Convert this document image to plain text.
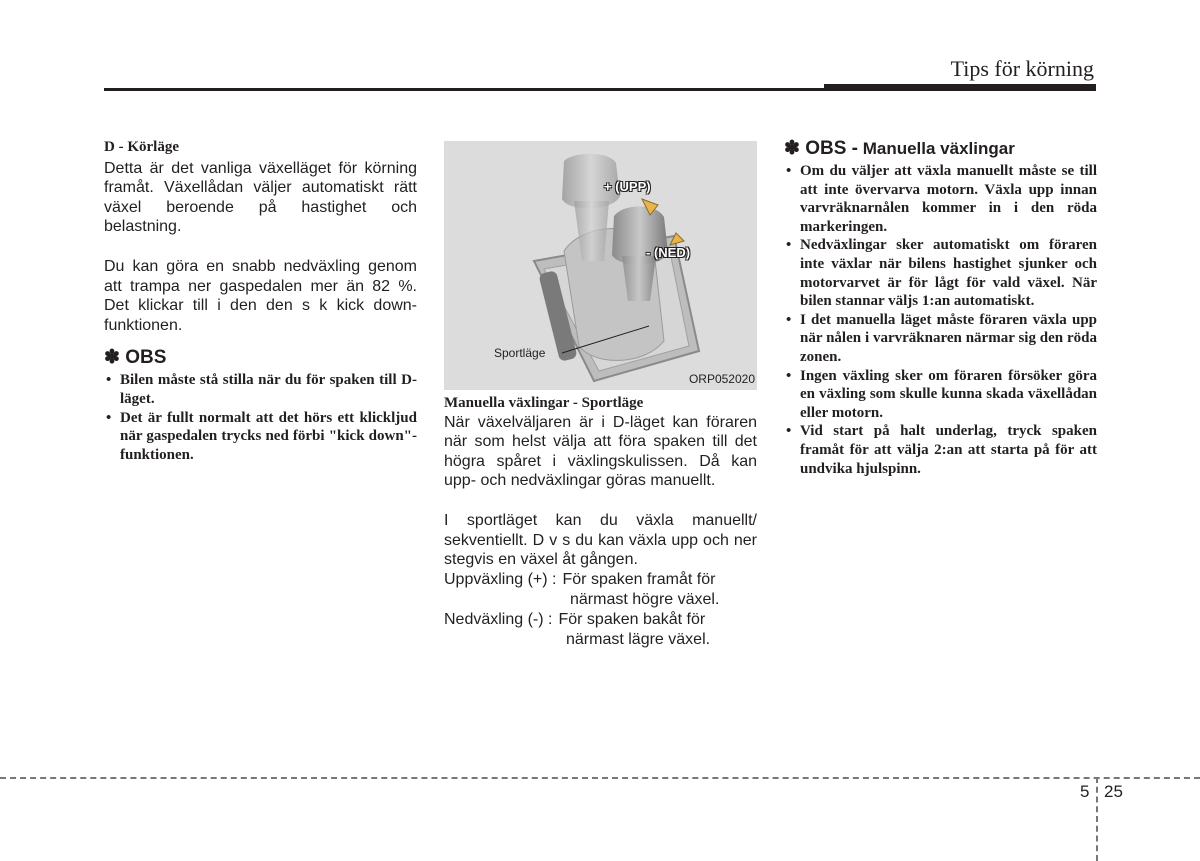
Tips för körning
D - Körläge

Detta är det vanliga växelläget för körning framåt. Växellådan väljer automatiskt rätt växel beroende på hastighet och belastning.

Du kan göra en snabb nedväxling genom att trampa ner gaspedalen mer än 82 %. Det klickar till i den den s k kick down-funktionen.

✽ OBS
• Bilen måste stå stilla när du för spaken till D-läget.
• Det är fullt normalt att det hörs ett klickljud när gaspedalen trycks ned förbi "kick down"-funktionen.
+ (UPP)
- (NED)
Sportläge
ORP052020
Manuella växlingar - Sportläge

När växelväljaren är i D-läget kan föraren när som helst välja att föra spaken till det högra spåret i växlingskulissen. Då kan upp- och nedväxlingar göras manuellt.

I sportläget kan du växla manuellt/ sekventiellt. D v s du kan växla upp och ner stegvis en växel åt gången.

Uppväxling (+) : För spaken framåt för
närmast högre växel.
Nedväxling (-) : För spaken bakåt för
närmast lägre växel.
✽ OBS - Manuella växlingar
• Om du väljer att växla manuellt måste se till att inte övervarva motorn. Växla upp innan varvräknarnålen kommer in i den röda markeringen.
• Nedväxlingar sker automatiskt om föraren inte växlar när bilens hastighet sjunker och motorvarvet är för lågt för vald växel. När bilen stannar väljs 1:an automatiskt.
• I det manuella läget måste föraren växla upp när nålen i varvräknaren närmar sig den röda zonen.
• Ingen växling sker om föraren försöker göra en växling som skulle kunna skada växellådan eller motorn.
• Vid start på halt underlag, tryck spaken framåt för att välja 2:an att starta på för att undvika hjulspinn.
5 25
